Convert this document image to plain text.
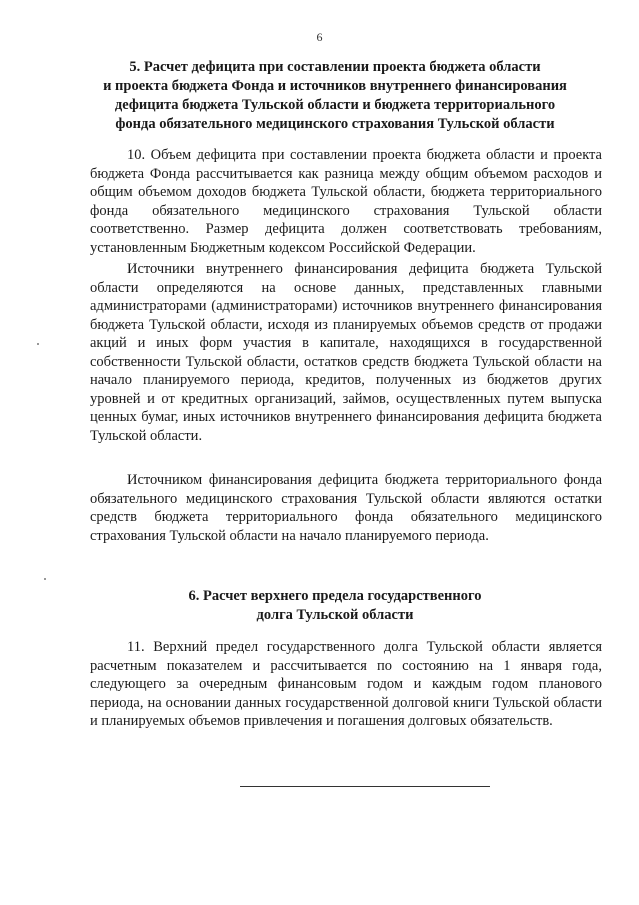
6
5. Расчет дефицита при составлении проекта бюджета области
и проекта бюджета Фонда и источников внутреннего финансирования
дефицита бюджета Тульской области и бюджета территориального
фонда обязательного медицинского страхования Тульской области

10. Объем дефицита при составлении проекта бюджета области и проекта бюджета Фонда рассчитывается как разница между общим объемом расходов и общим объемом доходов бюджета Тульской области, бюджета территориального фонда обязательного медицинского страхования Тульской области соответственно. Размер дефицита должен соответствовать требованиям, установленным Бюджетным кодексом Российской Федерации.

Источники внутреннего финансирования дефицита бюджета Тульской области определяются на основе данных, представленных главными администраторами (администраторами) источников внутреннего финансирования бюджета Тульской области, исходя из планируемых объемов средств от продажи акций и иных форм участия в капитале, находящихся в государственной собственности Тульской области, остатков средств бюджета Тульской области на начало планируемого периода, кредитов, полученных из бюджетов других уровней и от кредитных организаций, займов, осуществленных путем выпуска ценных бумаг, иных источников внутреннего финансирования дефицита бюджета Тульской области.

Источником финансирования дефицита бюджета территориального фонда обязательного медицинского страхования Тульской области являются остатки средств бюджета территориального фонда обязательного медицинского страхования Тульской области на начало планируемого периода.

6. Расчет верхнего предела государственного
долга Тульской области

11. Верхний предел государственного долга Тульской области является расчетным показателем и рассчитывается по состоянию на 1 января года, следующего за очередным финансовым годом и каждым годом планового периода, на основании данных государственной долговой книги Тульской области и планируемых объемов привлечения и погашения долговых обязательств.
